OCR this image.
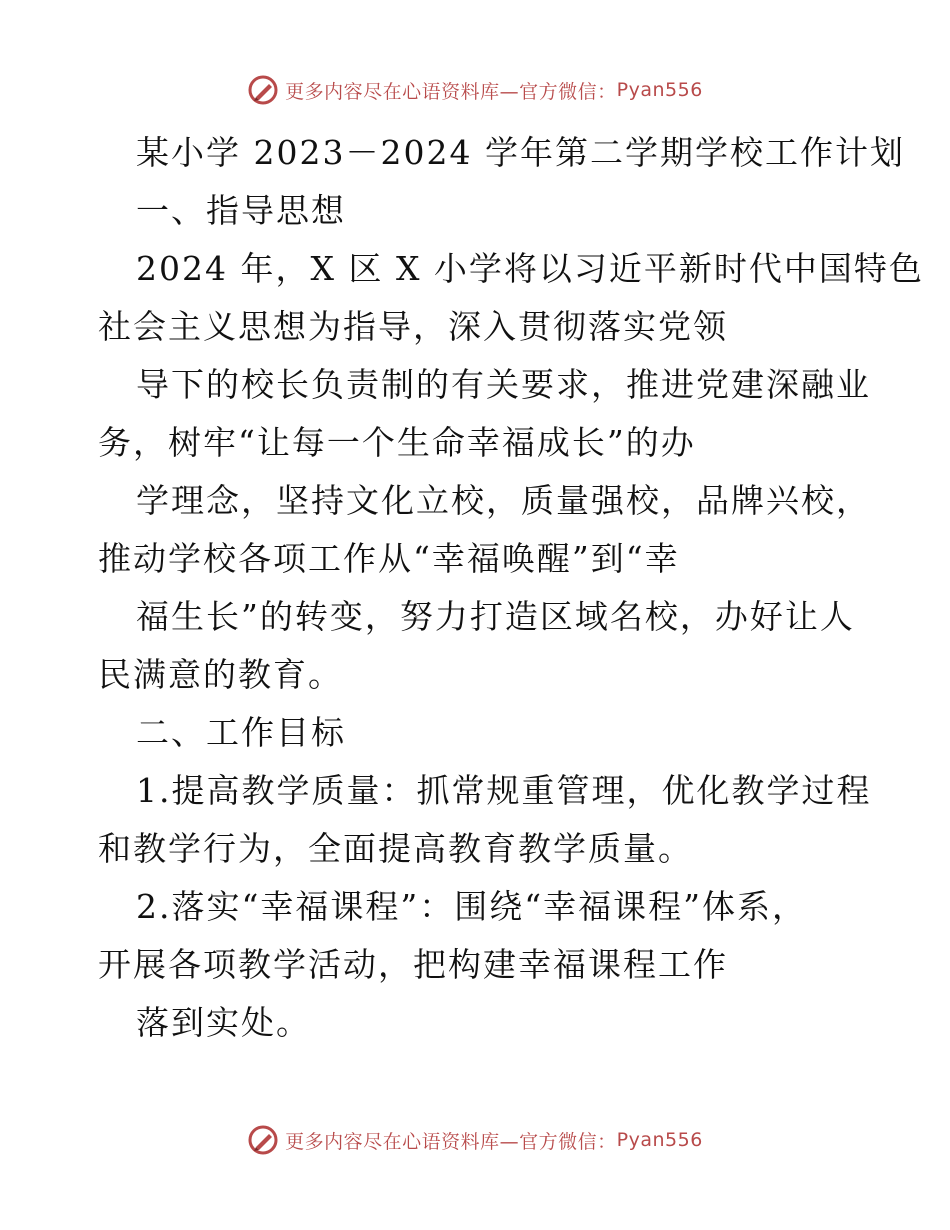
更多内容尽在心语资料库—官方微信： Pyan556

某小学 2023－2024 学年第二学期学校工作计划

一、指导思想

2024 年，X 区 X 小学将以习近平新时代中国特色

社会主义思想为指导，深入贯彻落实党领

导下的校长负责制的有关要求，推进党建深融业

务，树牢“让每一个生命幸福成长”的办

学理念，坚持文化立校，质量强校，品牌兴校，

推动学校各项工作从“幸福唤醒”到“幸

福生长”的转变，努力打造区域名校，办好让人

民满意的教育。

二、工作目标

1.提高教学质量：抓常规重管理，优化教学过程

和教学行为，全面提高教育教学质量。

2.落实“幸福课程”：围绕“幸福课程”体系，

开展各项教学活动，把构建幸福课程工作

落到实处。

更多内容尽在心语资料库—官方微信： Pyan556
